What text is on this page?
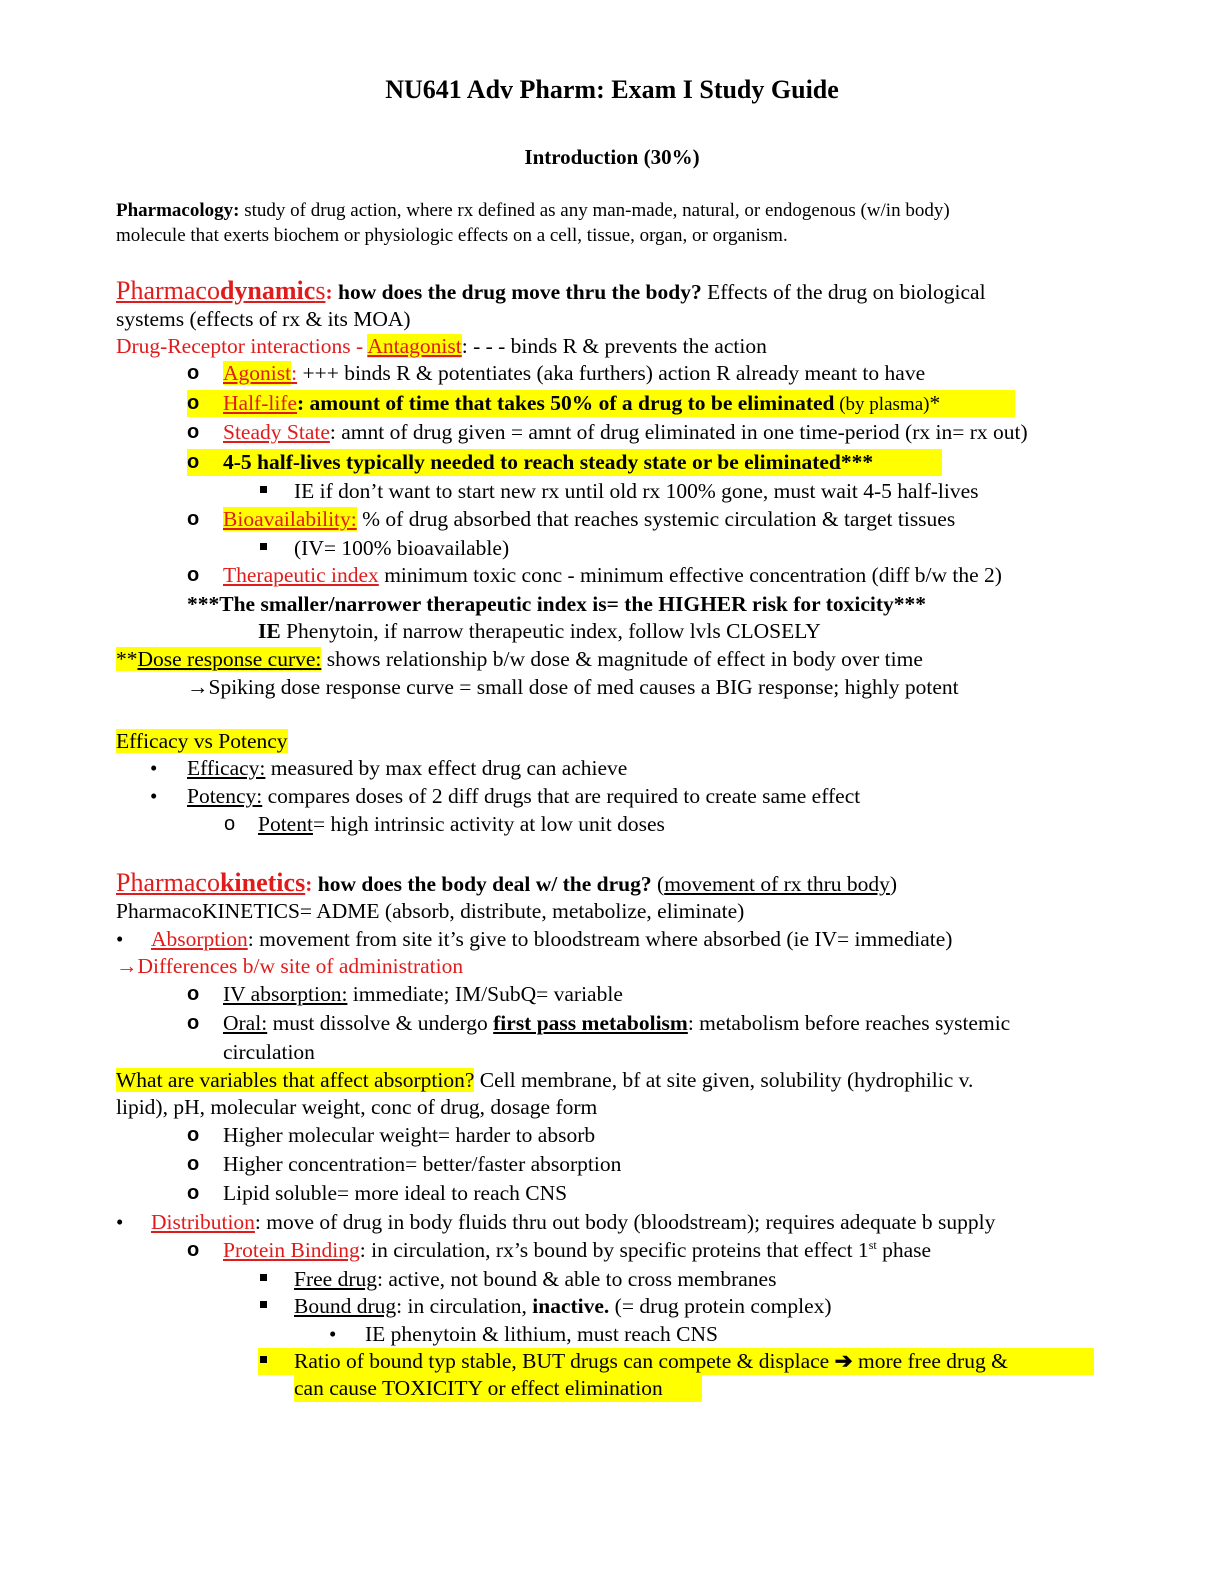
NU641 Adv Pharm: Exam I Study Guide
Introduction (30%)
Pharmacology: study of drug action, where rx defined as any man-made, natural, or endogenous (w/in body)
molecule that exerts biochem or physiologic effects on a cell, tissue, organ, or organism.
Pharmacodynamics: how does the drug move thru the body? Effects of the drug on biological
systems (effects of rx & its MOA)
Drug-Receptor interactions - Antagonist: - - - binds R & prevents the action
o Agonist: +++ binds R & potentiates (aka furthers) action R already meant to have
o Half-life: amount of time that takes 50% of a drug to be eliminated (by plasma)*
o Steady State: amnt of drug given = amnt of drug eliminated in one time-period (rx in= rx out)
o 4-5 half-lives typically needed to reach steady state or be eliminated***
IE if don’t want to start new rx until old rx 100% gone, must wait 4-5 half-lives
o Bioavailability: % of drug absorbed that reaches systemic circulation & target tissues
(IV= 100% bioavailable)
o Therapeutic index minimum toxic conc - minimum effective concentration (diff b/w the 2)
***The smaller/narrower therapeutic index is= the HIGHER risk for toxicity***
IE Phenytoin, if narrow therapeutic index, follow lvls CLOSELY
**Dose response curve: shows relationship b/w dose & magnitude of effect in body over time
→Spiking dose response curve = small dose of med causes a BIG response; highly potent
Efficacy vs Potency
• Efficacy: measured by max effect drug can achieve
• Potency: compares doses of 2 diff drugs that are required to create same effect
o Potent= high intrinsic activity at low unit doses
Pharmacokinetics: how does the body deal w/ the drug? (movement of rx thru body)
PharmacoKINETICS= ADME (absorb, distribute, metabolize, eliminate)
• Absorption: movement from site it’s give to bloodstream where absorbed (ie IV= immediate)
→Differences b/w site of administration
o IV absorption: immediate; IM/SubQ= variable
o Oral: must dissolve & undergo first pass metabolism: metabolism before reaches systemic
circulation
What are variables that affect absorption? Cell membrane, bf at site given, solubility (hydrophilic v.
lipid), pH, molecular weight, conc of drug, dosage form
o Higher molecular weight= harder to absorb
o Higher concentration= better/faster absorption
o Lipid soluble= more ideal to reach CNS
• Distribution: move of drug in body fluids thru out body (bloodstream); requires adequate b supply
o Protein Binding: in circulation, rx’s bound by specific proteins that effect 1st phase
Free drug: active, not bound & able to cross membranes
Bound drug: in circulation, inactive. (= drug protein complex)
• IE phenytoin & lithium, must reach CNS
Ratio of bound typ stable, BUT drugs can compete & displace ➔ more free drug &
can cause TOXICITY or effect elimination
